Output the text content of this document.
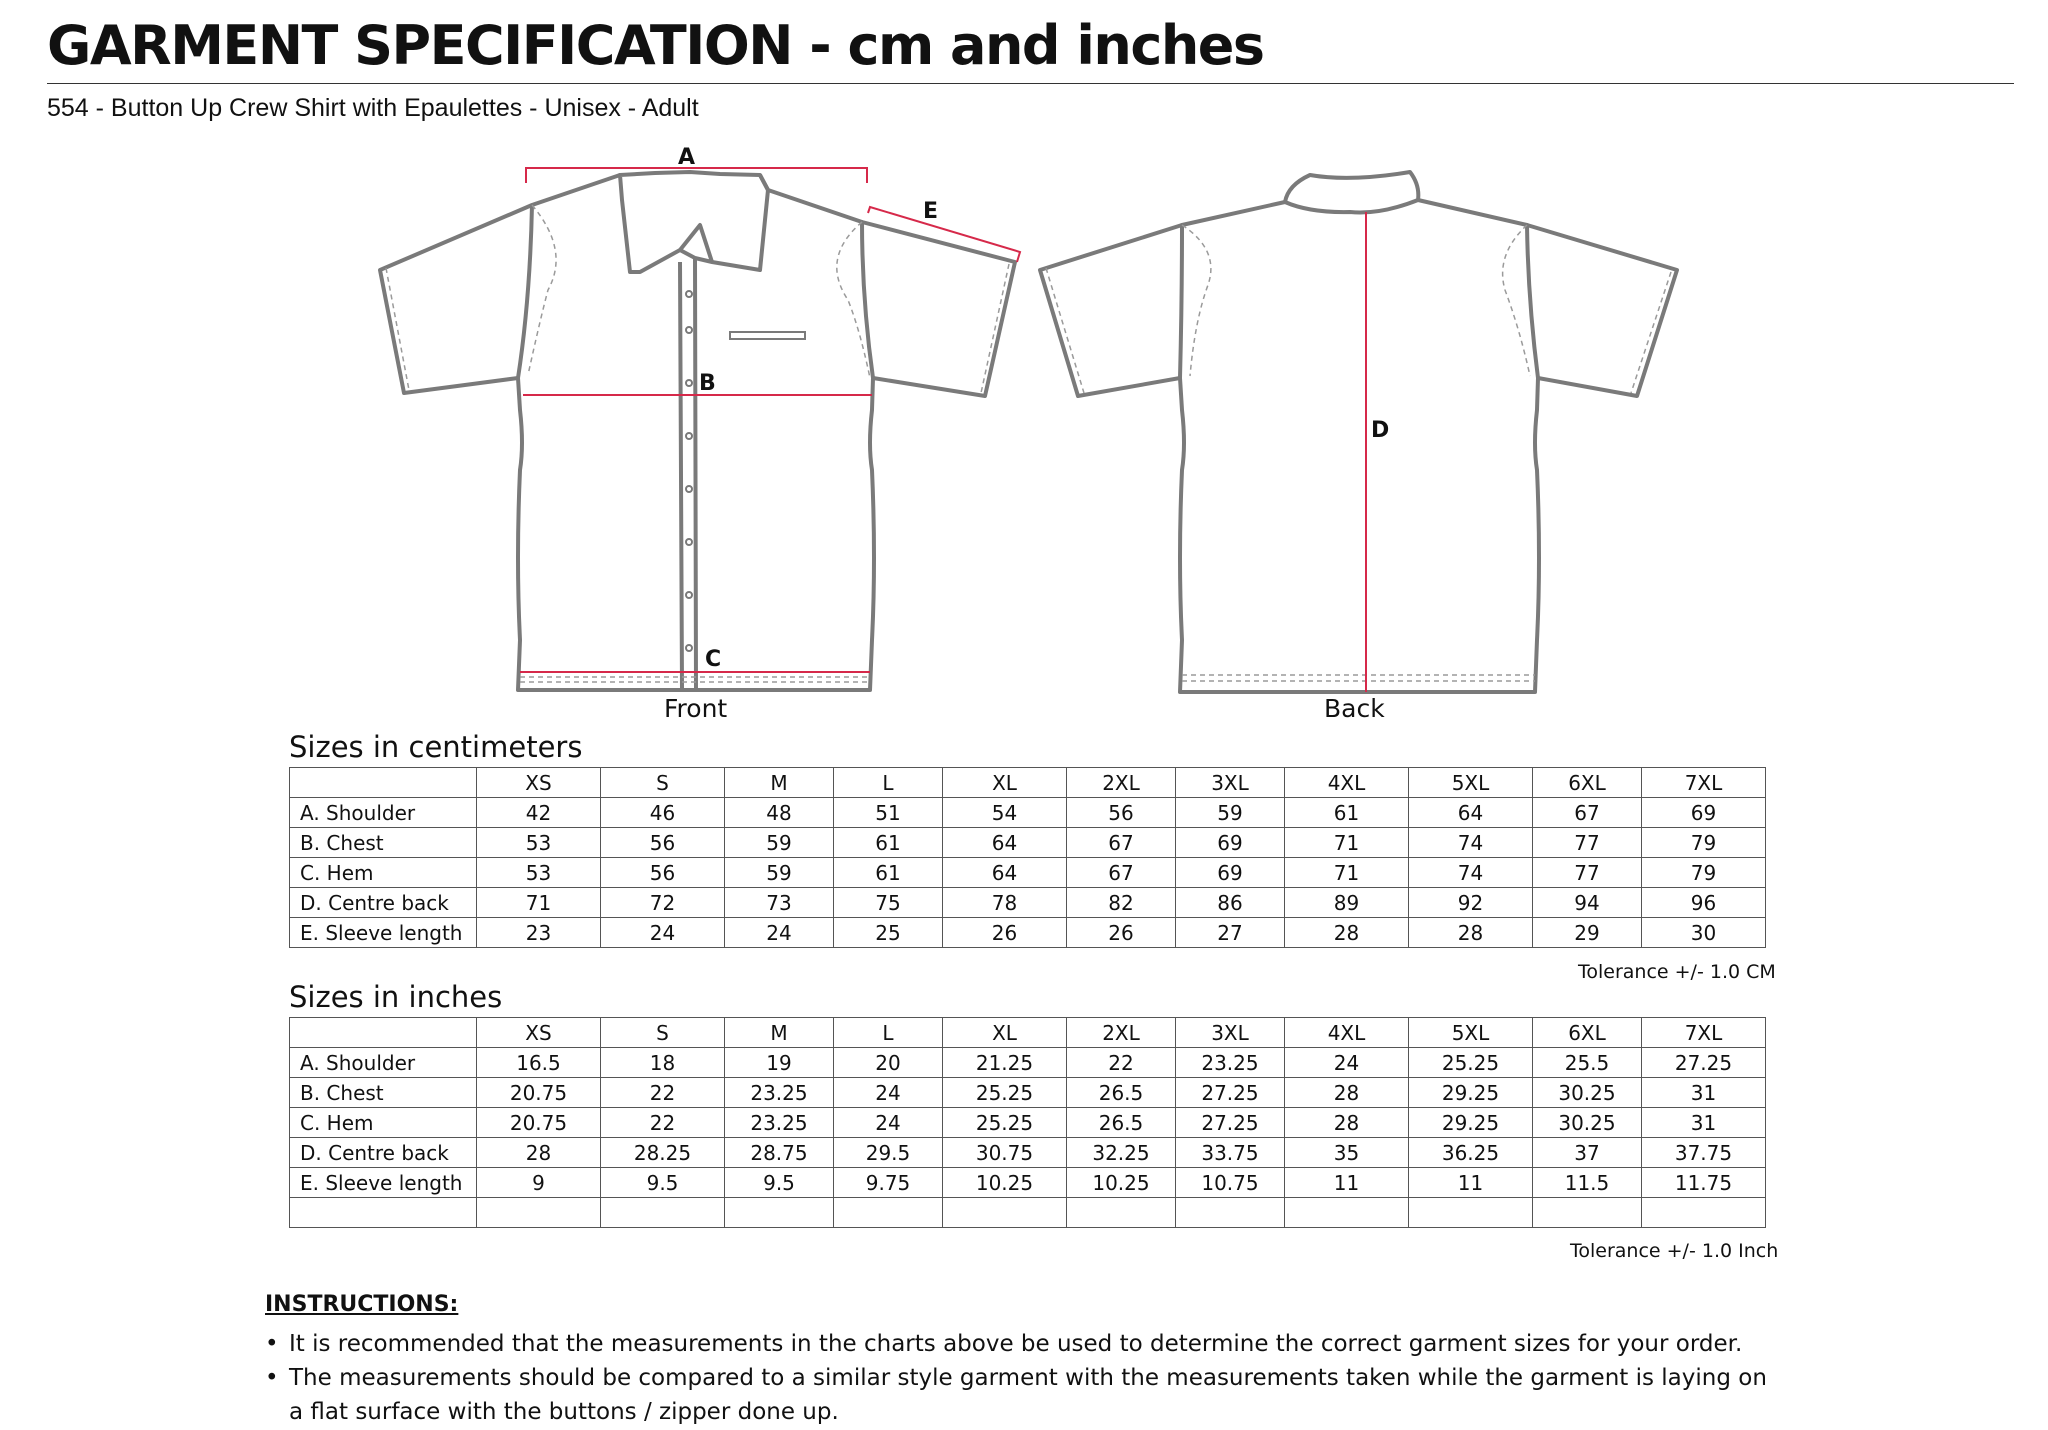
GARMENT SPECIFICATION - cm and inches
554 - Button Up Crew Shirt with Epaulettes - Unisex - Adult
A
B
C
D
E
Front	Back
Sizes in centimeters
	XS	S	M	L	XL	2XL	3XL	4XL	5XL	6XL	7XL
A. Shoulder	42	46	48	51	54	56	59	61	64	67	69
B. Chest	53	56	59	61	64	67	69	71	74	77	79
C. Hem	53	56	59	61	64	67	69	71	74	77	79
D. Centre back	71	72	73	75	78	82	86	89	92	94	96
E. Sleeve length	23	24	24	25	26	26	27	28	28	29	30
Tolerance +/- 1.0 CM
Sizes in inches
	XS	S	M	L	XL	2XL	3XL	4XL	5XL	6XL	7XL
A. Shoulder	16.5	18	19	20	21.25	22	23.25	24	25.25	25.5	27.25
B. Chest	20.75	22	23.25	24	25.25	26.5	27.25	28	29.25	30.25	31
C. Hem	20.75	22	23.25	24	25.25	26.5	27.25	28	29.25	30.25	31
D. Centre back	28	28.25	28.75	29.5	30.75	32.25	33.75	35	36.25	37	37.75
E. Sleeve length	9	9.5	9.5	9.75	10.25	10.25	10.75	11	11	11.5	11.75

Tolerance +/- 1.0 Inch
INSTRUCTIONS:
• It is recommended that the measurements in the charts above be used to determine the correct garment sizes for your order.
• The measurements should be compared to a similar style garment with the measurements taken while the garment is laying on a flat surface with the buttons / zipper done up.
